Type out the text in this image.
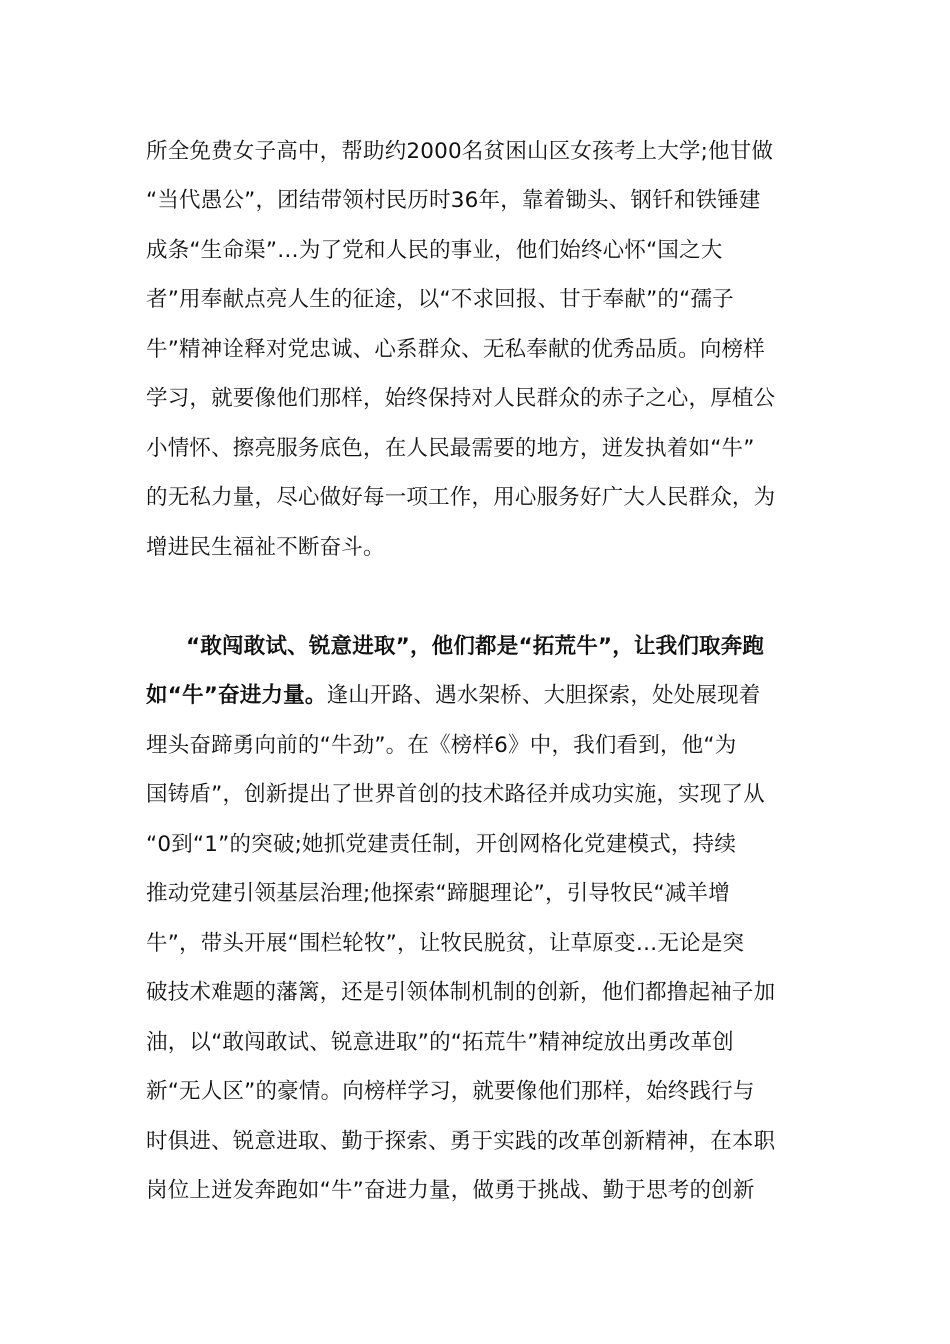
所全免费女子高中，帮助约2000名贫困山区女孩考上大学;他甘做
“当代愚公”，团结带领村民历时36年，靠着锄头、钢钎和铁锤建
成条“生命渠”…为了党和人民的事业，他们始终心怀“国之大
者”用奉献点亮人生的征途，以“不求回报、甘于奉献”的“孺子
牛”精神诠释对党忠诚、心系群众、无私奉献的优秀品质。向榜样
学习，就要像他们那样，始终保持对人民群众的赤子之心，厚植公
小情怀、擦亮服务底色，在人民最需要的地方，迸发执着如“牛”
的无私力量，尽心做好每一项工作，用心服务好广大人民群众，为
增进民生福祉不断奋斗。
“敢闯敢试、锐意进取”，他们都是“拓荒牛”，让我们取奔跑
如“牛”奋进力量。逢山开路、遇水架桥、大胆探索，处处展现着
埋头奋蹄勇向前的“牛劲”。在《榜样6》中，我们看到，他“为
国铸盾”，创新提出了世界首创的技术路径并成功实施，实现了从
“0到“1”的突破;她抓党建责任制，开创网格化党建模式，持续
推动党建引领基层治理;他探索“蹄腿理论”，引导牧民“减羊增
牛”，带头开展“围栏轮牧”，让牧民脱贫，让草原变…无论是突
破技术难题的藩篱，还是引领体制机制的创新，他们都撸起袖子加
油，以“敢闯敢试、锐意进取”的“拓荒牛”精神绽放出勇改革创
新“无人区”的豪情。向榜样学习，就要像他们那样，始终践行与
时俱进、锐意进取、勤于探索、勇于实践的改革创新精神，在本职
岗位上迸发奔跑如“牛”奋进力量，做勇于挑战、勤于思考的创新
